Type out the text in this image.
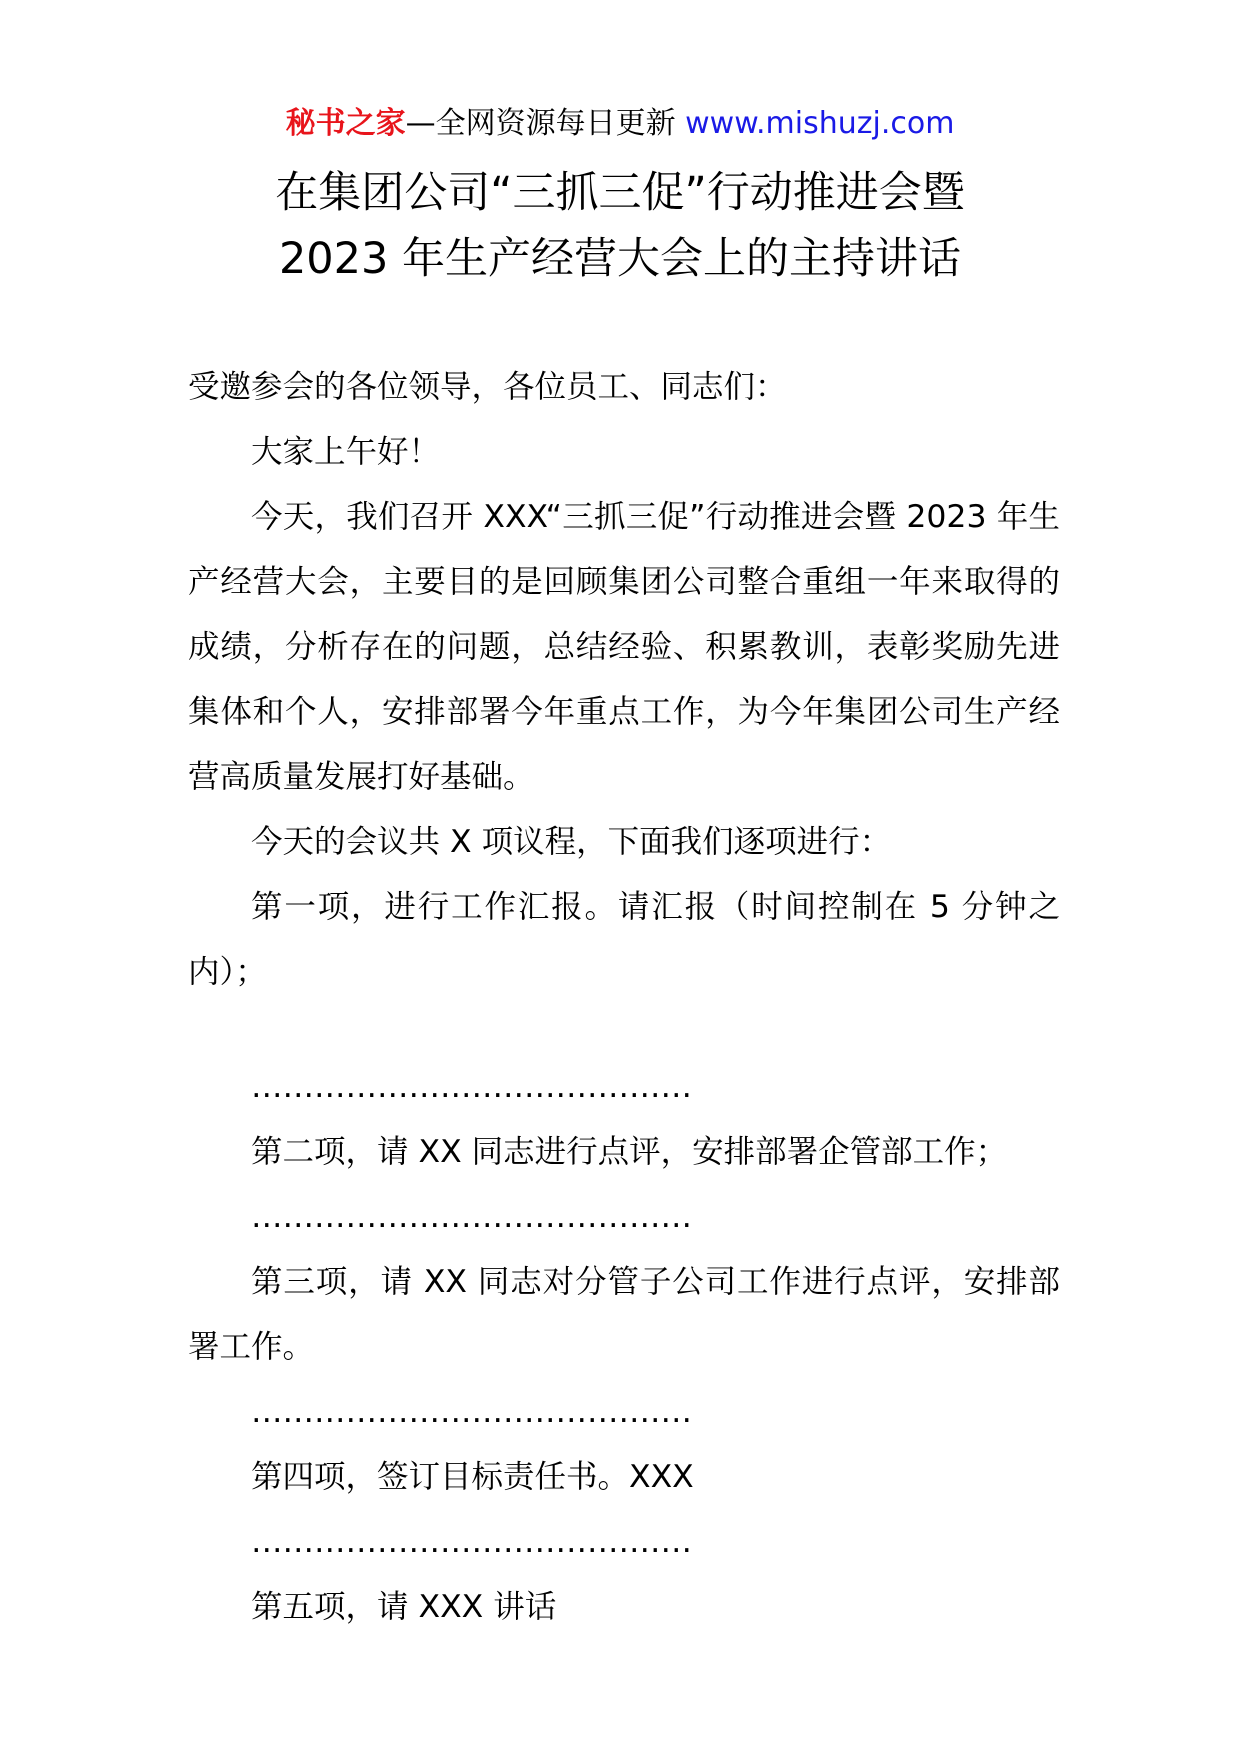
秘书之家—全网资源每日更新 www.mishuzj.com
在集团公司“三抓三促”行动推进会暨
2023 年生产经营大会上的主持讲话

受邀参会的各位领导，各位员工、同志们：

大家上午好！

今天，我们召开 XXX“三抓三促”行动推进会暨 2023 年生产经营大会，主要目的是回顾集团公司整合重组一年来取得的成绩，分析存在的问题，总结经验、积累教训，表彰奖励先进集体和个人，安排部署今年重点工作，为今年集团公司生产经营高质量发展打好基础。

今天的会议共 X 项议程，下面我们逐项进行：

第一项，进行工作汇报。请汇报（时间控制在 5 分钟之内）；

……………………………………

第二项，请 XX 同志进行点评，安排部署企管部工作；

……………………………………

第三项，请 XX 同志对分管子公司工作进行点评，安排部署工作。

……………………………………

第四项，签订目标责任书。XXX

……………………………………

第五项，请 XXX 讲话
